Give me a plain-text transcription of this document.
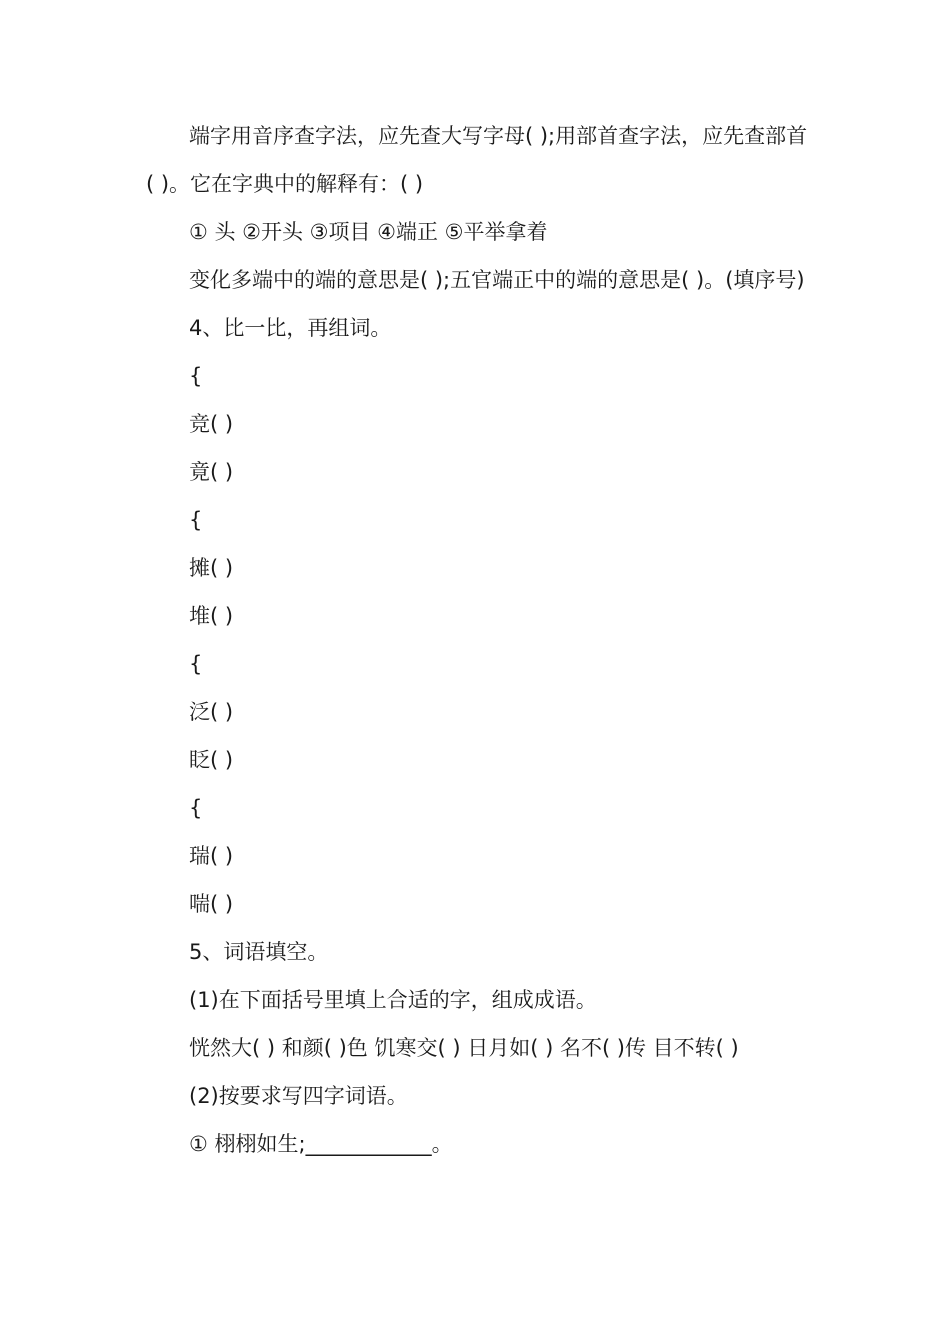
端字用音序查字法，应先查大写字母( );用部首查字法，应先查部首( )。它在字典中的解释有：( )

① 头 ②开头 ③项目 ④端正 ⑤平举拿着

变化多端中的端的意思是( );五官端正中的端的意思是( )。(填序号)

4、比一比，再组词。

{

竞( )

竟( )

{

摊( )

堆( )

{

泛( )

眨( )

{

瑞( )

喘( )

5、词语填空。

(1)在下面括号里填上合适的字，组成成语。

恍然大( ) 和颜( )色 饥寒交( ) 日月如( ) 名不( )传 目不转( )

(2)按要求写四字词语。

① 栩栩如生;____________。
